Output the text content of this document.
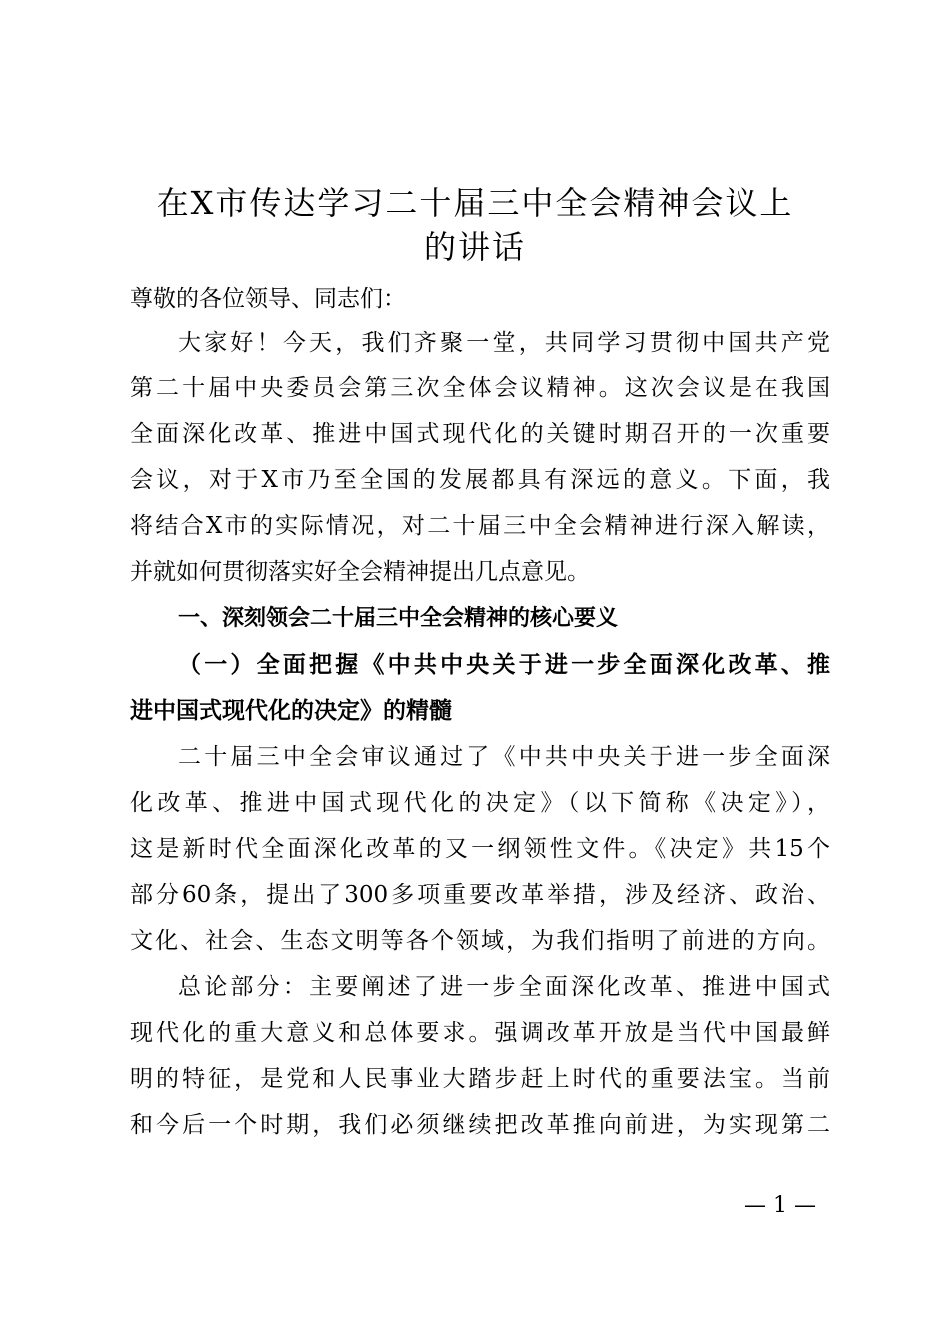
在X市传达学习二十届三中全会精神会议上
的讲话
尊敬的各位领导、同志们：
大家好！今天，我们齐聚一堂，共同学习贯彻中国共产党
第二十届中央委员会第三次全体会议精神。这次会议是在我国
全面深化改革、推进中国式现代化的关键时期召开的一次重要
会议，对于X市乃至全国的发展都具有深远的意义。下面，我
将结合X市的实际情况，对二十届三中全会精神进行深入解读，
并就如何贯彻落实好全会精神提出几点意见。
一、深刻领会二十届三中全会精神的核心要义
（一）全面把握《中共中央关于进一步全面深化改革、推
进中国式现代化的决定》的精髓
二十届三中全会审议通过了《中共中央关于进一步全面深
化改革、推进中国式现代化的决定》（以下简称《决定》），
这是新时代全面深化改革的又一纲领性文件。《决定》共15个
部分60条，提出了300多项重要改革举措，涉及经济、政治、
文化、社会、生态文明等各个领域，为我们指明了前进的方向。
总论部分：主要阐述了进一步全面深化改革、推进中国式
现代化的重大意义和总体要求。强调改革开放是当代中国最鲜
明的特征，是党和人民事业大踏步赶上时代的重要法宝。当前
和今后一个时期，我们必须继续把改革推向前进，为实现第二
— 1 —
